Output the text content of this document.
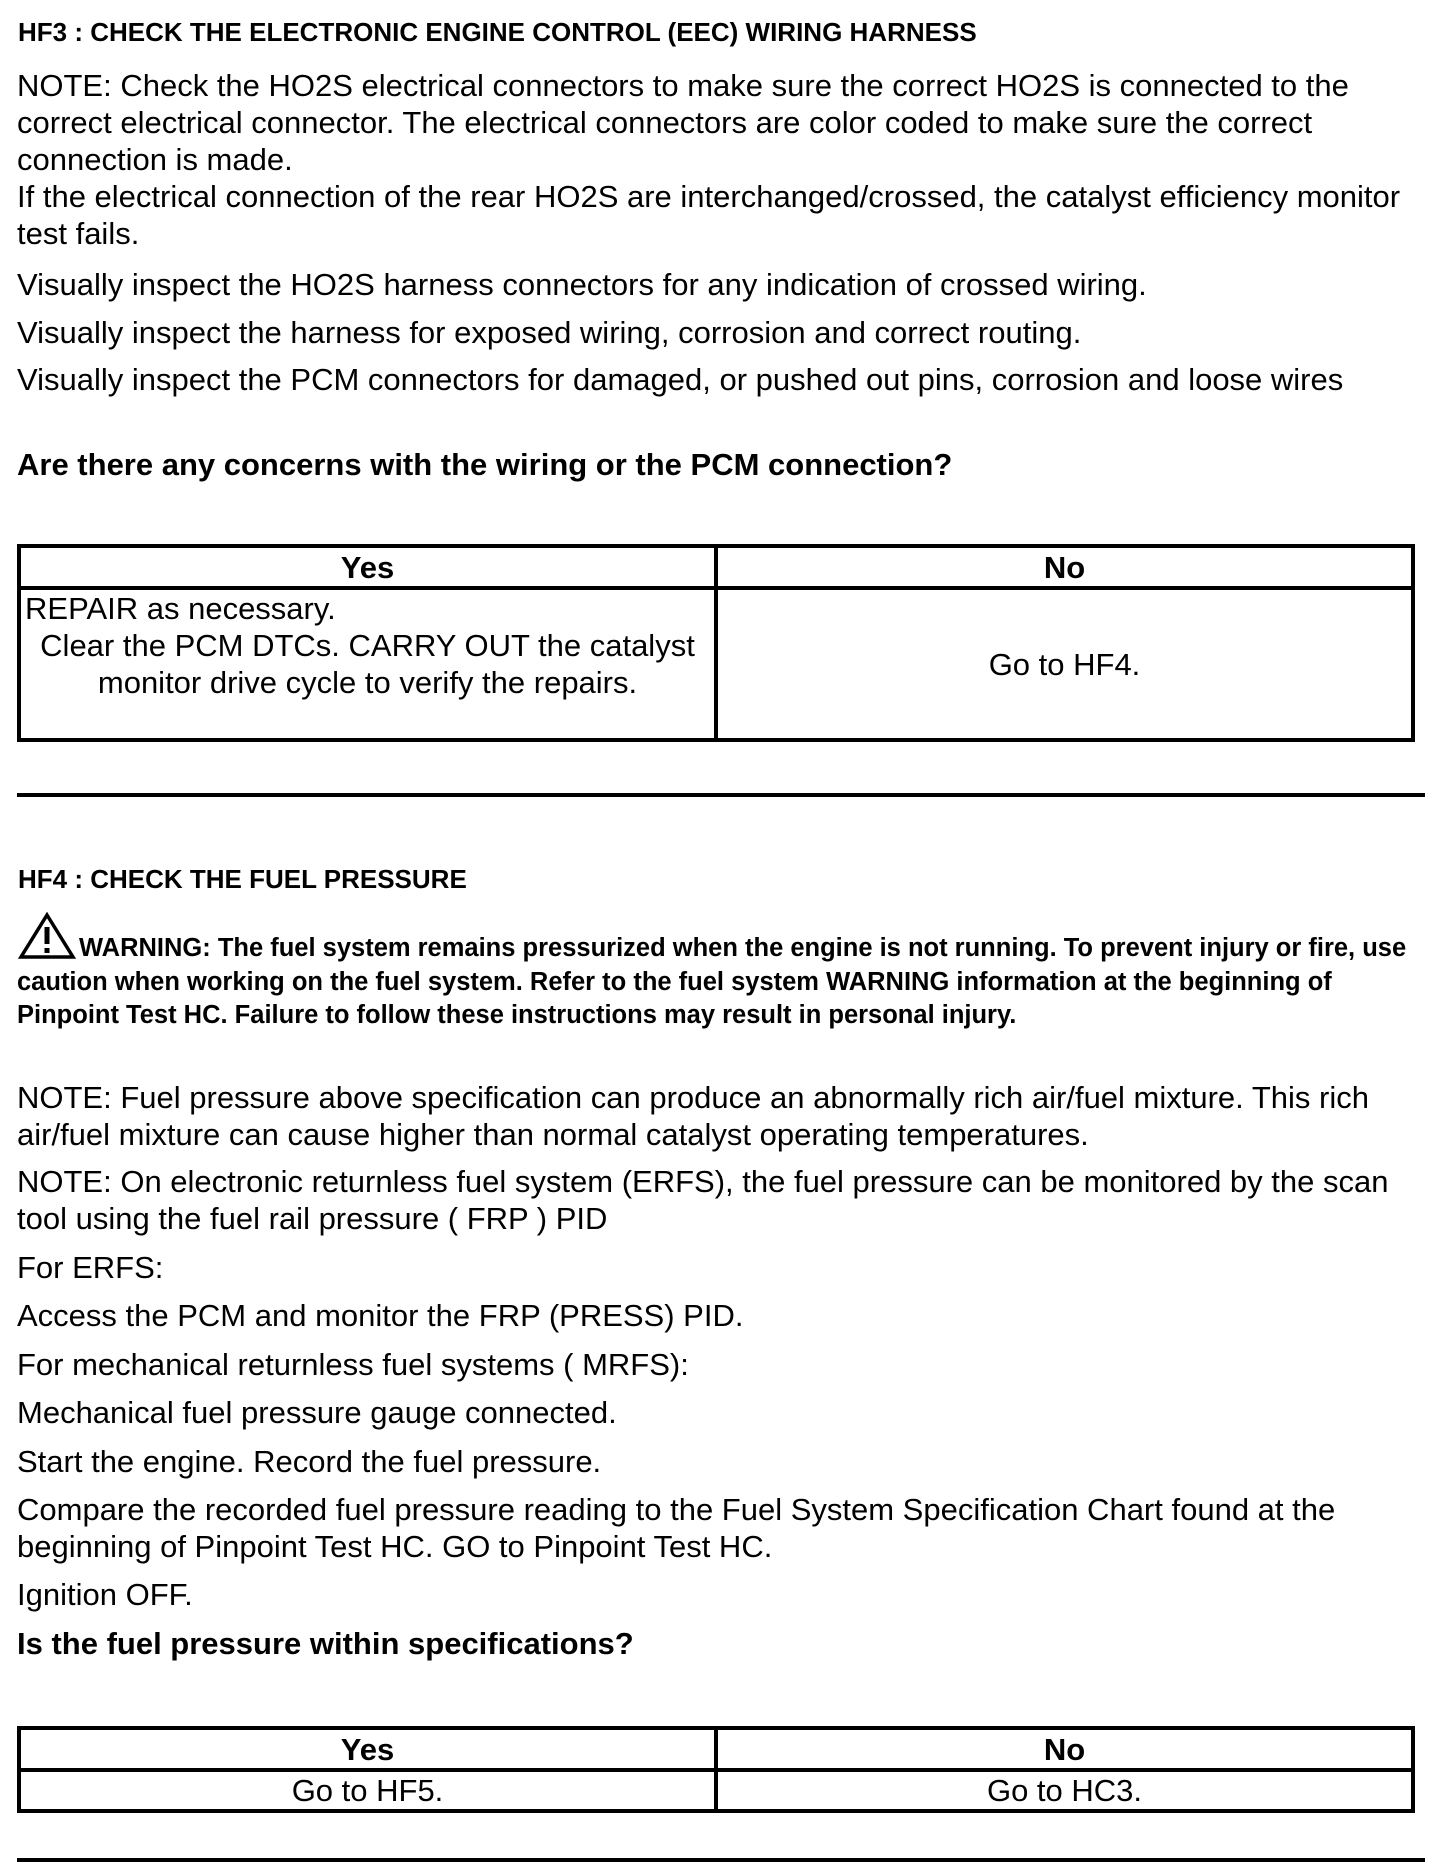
HF3 : CHECK THE ELECTRONIC ENGINE CONTROL (EEC) WIRING HARNESS
NOTE: Check the HO2S electrical connectors to make sure the correct HO2S is connected to the correct electrical connector. The electrical connectors are color coded to make sure the correct connection is made.
If the electrical connection of the rear HO2S are interchanged/crossed, the catalyst efficiency monitor test fails.
Visually inspect the HO2S harness connectors for any indication of crossed wiring.
Visually inspect the harness for exposed wiring, corrosion and correct routing.
Visually inspect the PCM connectors for damaged, or pushed out pins, corrosion and loose wires
Are there any concerns with the wiring or the PCM connection?
Yes	No

REPAIR as necessary.
Clear the PCM DTCs. CARRY OUT the catalyst monitor drive cycle to verify the repairs.	Go to HF4.
HF4 : CHECK THE FUEL PRESSURE
WARNING: The fuel system remains pressurized when the engine is not running. To prevent injury or fire, use caution when working on the fuel system. Refer to the fuel system WARNING information at the beginning of Pinpoint Test HC. Failure to follow these instructions may result in personal injury.
NOTE: Fuel pressure above specification can produce an abnormally rich air/fuel mixture. This rich air/fuel mixture can cause higher than normal catalyst operating temperatures.
NOTE: On electronic returnless fuel system (ERFS), the fuel pressure can be monitored by the scan tool using the fuel rail pressure ( FRP ) PID
For ERFS:
Access the PCM and monitor the FRP (PRESS) PID.
For mechanical returnless fuel systems ( MRFS):
Mechanical fuel pressure gauge connected.
Start the engine. Record the fuel pressure.
Compare the recorded fuel pressure reading to the Fuel System Specification Chart found at the beginning of Pinpoint Test HC. GO to Pinpoint Test HC.
Ignition OFF.
Is the fuel pressure within specifications?
Yes	No
Go to HF5.	Go to HC3.
